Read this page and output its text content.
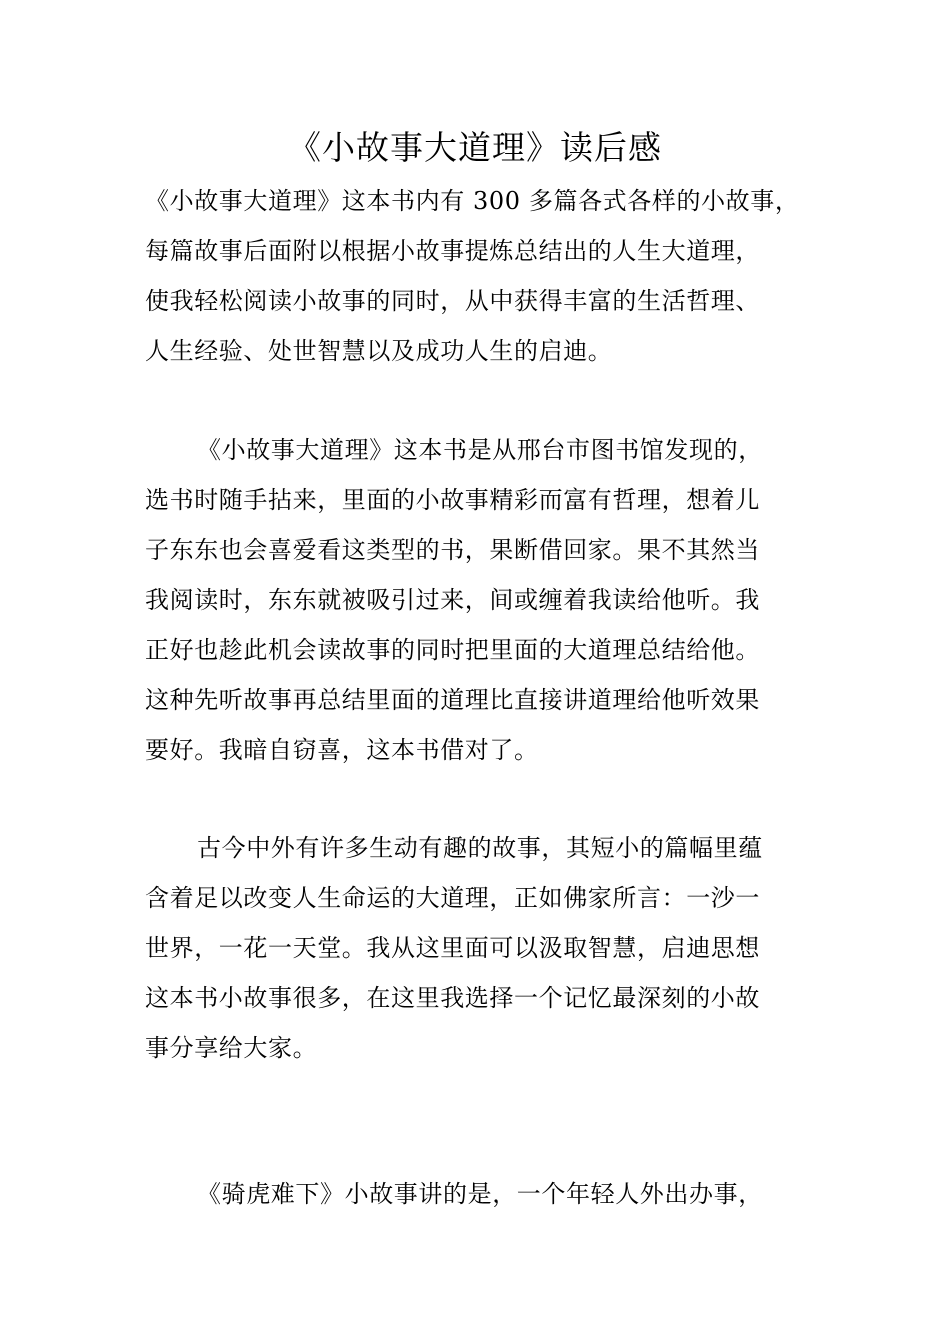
《小故事大道理》读后感
《小故事大道理》这本书内有 300 多篇各式各样的小故事，
每篇故事后面附以根据小故事提炼总结出的人生大道理，
使我轻松阅读小故事的同时，从中获得丰富的生活哲理、
人生经验、处世智慧以及成功人生的启迪。
《小故事大道理》这本书是从邢台市图书馆发现的，
选书时随手拈来，里面的小故事精彩而富有哲理，想着儿
子东东也会喜爱看这类型的书，果断借回家。果不其然当
我阅读时，东东就被吸引过来，间或缠着我读给他听。我
正好也趁此机会读故事的同时把里面的大道理总结给他。
这种先听故事再总结里面的道理比直接讲道理给他听效果
要好。我暗自窃喜，这本书借对了。
古今中外有许多生动有趣的故事，其短小的篇幅里蕴
含着足以改变人生命运的大道理，正如佛家所言：一沙一
世界，一花一天堂。我从这里面可以汲取智慧，启迪思想
这本书小故事很多，在这里我选择一个记忆最深刻的小故
事分享给大家。
《骑虎难下》小故事讲的是，一个年轻人外出办事，
